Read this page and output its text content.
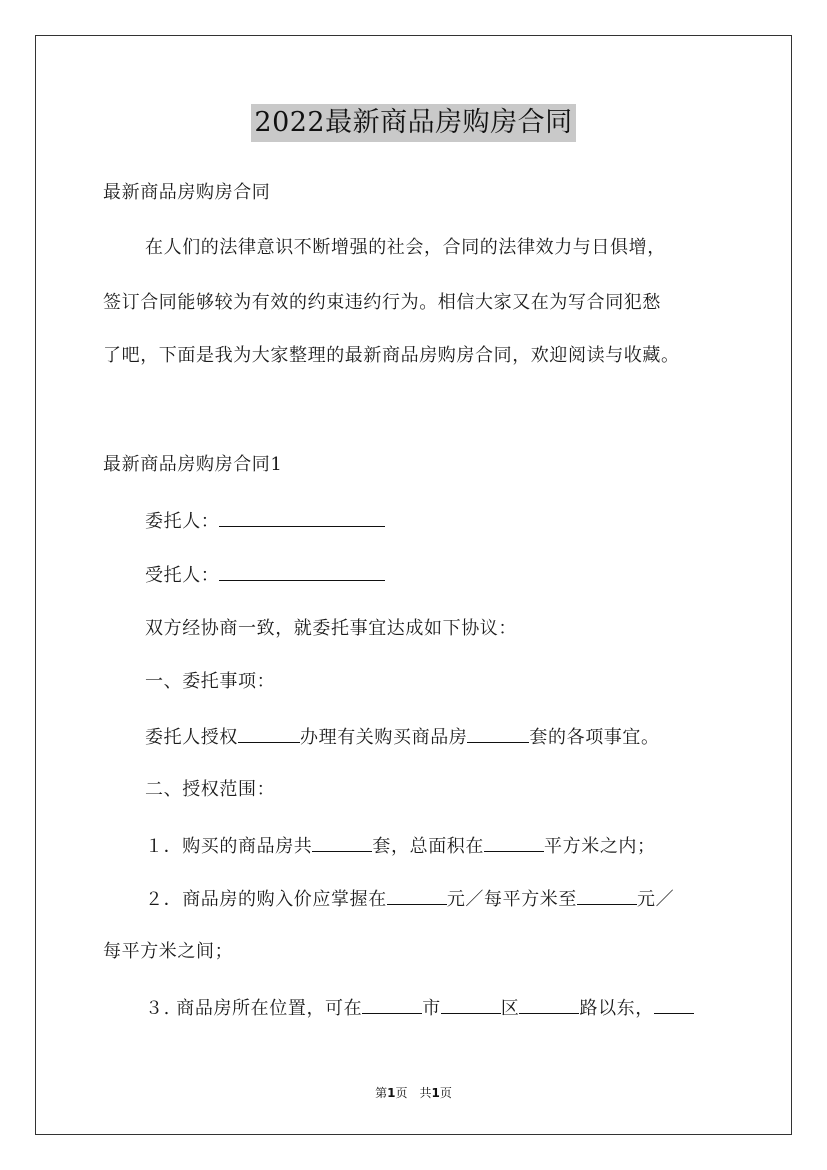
2022最新商品房购房合同
最新商品房购房合同
在人们的法律意识不断增强的社会，合同的法律效力与日俱增，
签订合同能够较为有效的约束违约行为。相信大家又在为写合同犯愁
了吧，下面是我为大家整理的最新商品房购房合同，欢迎阅读与收藏。
最新商品房购房合同1
委托人：
受托人：
双方经协商一致，就委托事宜达成如下协议：
一、委托事项：
委托人授权	办理有关购买商品房	套的各项事宜。
二、授权范围：
１．购买的商品房共	套，总面积在	平方米之内；
２．商品房的购入价应掌握在	元／每平方米至	元／
每平方米之间；
３. 商品房所在位置，可在	市	区	路以东，
第1页　共1页
